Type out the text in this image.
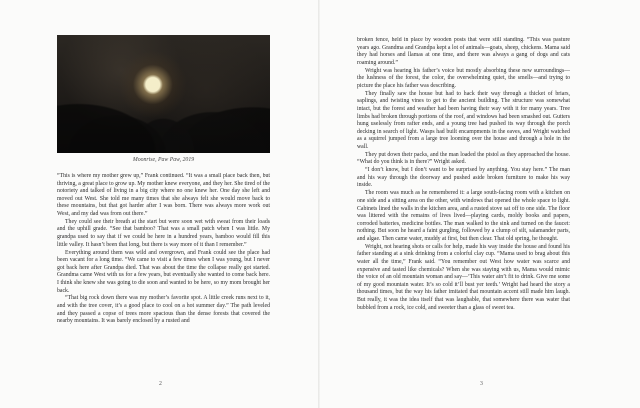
Moonrise, Paw Paw, 2019

“This is where my mother grew up,” Frank continued. “It was a small place back then, but thriving, a great place to grow up. My mother knew everyone, and they her. She tired of the notoriety and talked of living in a big city where no one knew her. One day she left and moved out West. She told me many times that she always felt she would move back to these mountains, but that got harder after I was born. There was always more work out West, and my dad was from out there.”

They could see their breath at the start but were soon wet with sweat from their loads and the uphill grade. “See that bamboo? That was a small patch when I was little. My grandpa used to say that if we could be here in a hundred years, bamboo would fill this little valley. It hasn’t been that long, but there is way more of it than I remember.”

Everything around them was wild and overgrown, and Frank could see the place had been vacant for a long time. “We came to visit a few times when I was young, but I never got back here after Grandpa died. That was about the time the collapse really got started. Grandma came West with us for a few years, but eventually she wanted to come back here. I think she knew she was going to die soon and wanted to be here, so my mom brought her back.

“That big rock down there was my mother’s favorite spot. A little creek runs next to it, and with the tree cover, it’s a good place to cool on a hot summer day.” The path leveled and they passed a copse of trees more spacious than the dense forests that covered the nearby mountains. It was barely enclosed by a rusted and

2

broken fence, held in place by wooden posts that were still standing. “This was pasture years ago. Grandma and Grandpa kept a lot of animals—goats, sheep, chickens. Mama said they had horses and llamas at one time, and there was always a gang of dogs and cats roaming around.”

Wright was hearing his father’s voice but mostly absorbing these new surroundings—the lushness of the forest, the color, the overwhelming quiet, the smells—and trying to picture the place his father was describing.

They finally saw the house but had to hack their way through a thicket of briars, saplings, and twisting vines to get to the ancient building. The structure was somewhat intact, but the forest and weather had been having their way with it for many years. Tree limbs had broken through portions of the roof, and windows had been smashed out. Gutters hung uselessly from rafter ends, and a young tree had pushed its way through the porch decking in search of light. Wasps had built encampments in the eaves, and Wright watched as a squirrel jumped from a large tree looming over the house and through a hole in the wall.

They put down their packs, and the man loaded the pistol as they approached the house. “What do you think is in there?” Wright asked.

“I don’t know, but I don’t want to be surprised by anything. You stay here.” The man and his way through the doorway and pushed aside broken furniture to make his way inside.

The room was much as he remembered it: a large south-facing room with a kitchen on one side and a sitting area on the other, with windows that opened the whole space to light. Cabinets lined the walls in the kitchen area, and a rusted stove sat off to one side. The floor was littered with the remains of lives lived—playing cards, moldy books and papers, corroded batteries, medicine bottles. The man walked to the sink and turned on the faucet: nothing. But soon he heard a faint gurgling, followed by a clump of silt, salamander parts, and algae. Then came water, muddy at first, but then clear. That old spring, he thought.

Wright, not hearing shots or calls for help, made his way inside the house and found his father standing at a sink drinking from a colorful clay cup. “Mama used to brag about this water all the time,” Frank said. “You remember out West how water was scarce and expensive and tasted like chemicals? When she was staying with us, Mama would mimic the voice of an old mountain woman and say—‘This water ain’t fit to drink. Give me some of my good mountain water. It’s so cold it’ll bust yer teeth.’ Wright had heard the story a thousand times, but the way his father imitated that mountain accent still made him laugh. But really, it was the idea itself that was laughable, that somewhere there was water that bubbled from a rock, ice cold, and sweeter than a glass of sweet tea.

3
